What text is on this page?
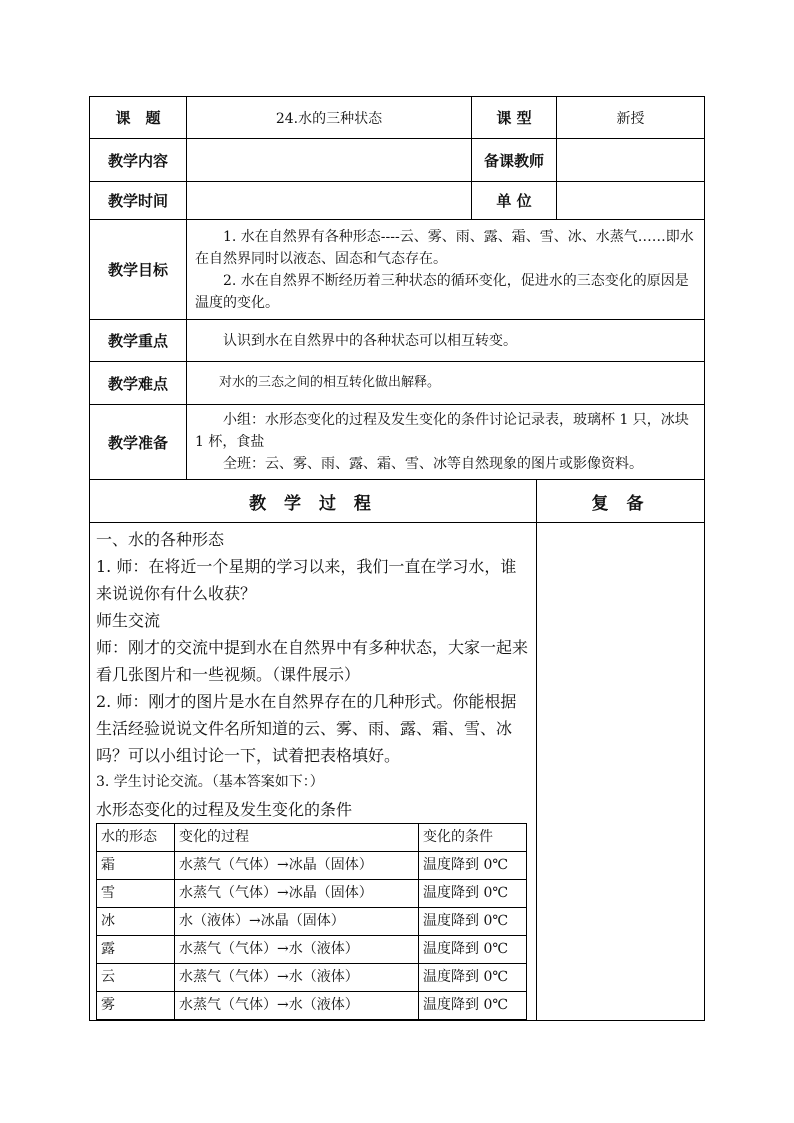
课　题	24.水的三种状态	课 型	新授
教学内容		备课教师	
教学时间		单 位	
教学目标	1. 水在自然界有各种形态----云、雾、雨、露、霜、雪、冰、水蒸气……即水在自然界同时以液态、固态和气态存在。

2. 水在自然界不断经历着三种状态的循环变化，促进水的三态变化的原因是温度的变化。		

教学重点	认识到水在自然界中的各种状态可以相互转变。		
教学难点	对水的三态之间的相互转化做出解释。		
教学准备	小组：水形态变化的过程及发生变化的条件讨论记录表，玻璃杯 1 只，冰块 1 杯，食盐

全班：云、雾、雨、露、霜、雪、冰等自然现象的图片或影像资料。		

教 学 过 程	复 备

一、水的各种形态

1. 师：在将近一个星期的学习以来，我们一直在学习水，谁来说说你有什么收获？

师生交流

师：刚才的交流中提到水在自然界中有多种状态，大家一起来看几张图片和一些视频。（课件展示）

2. 师：刚才的图片是水在自然界存在的几种形式。你能根据生活经验说说文件名所知道的云、雾、雨、露、霜、雪、冰吗？可以小组讨论一下，试着把表格填好。

3. 学生讨论交流。（基本答案如下：）

水形态变化的过程及发生变化的条件

水的形态	变化的过程	变化的条件
霜	水蒸气（气体）→冰晶（固体）	温度降到 0℃
雪	水蒸气（气体）→冰晶（固体）	温度降到 0℃
冰	水（液体）→冰晶（固体）	温度降到 0℃
露	水蒸气（气体）→水（液体）	温度降到 0℃
云	水蒸气（气体）→水（液体）	温度降到 0℃
雾	水蒸气（气体）→水（液体）	温度降到 0℃
